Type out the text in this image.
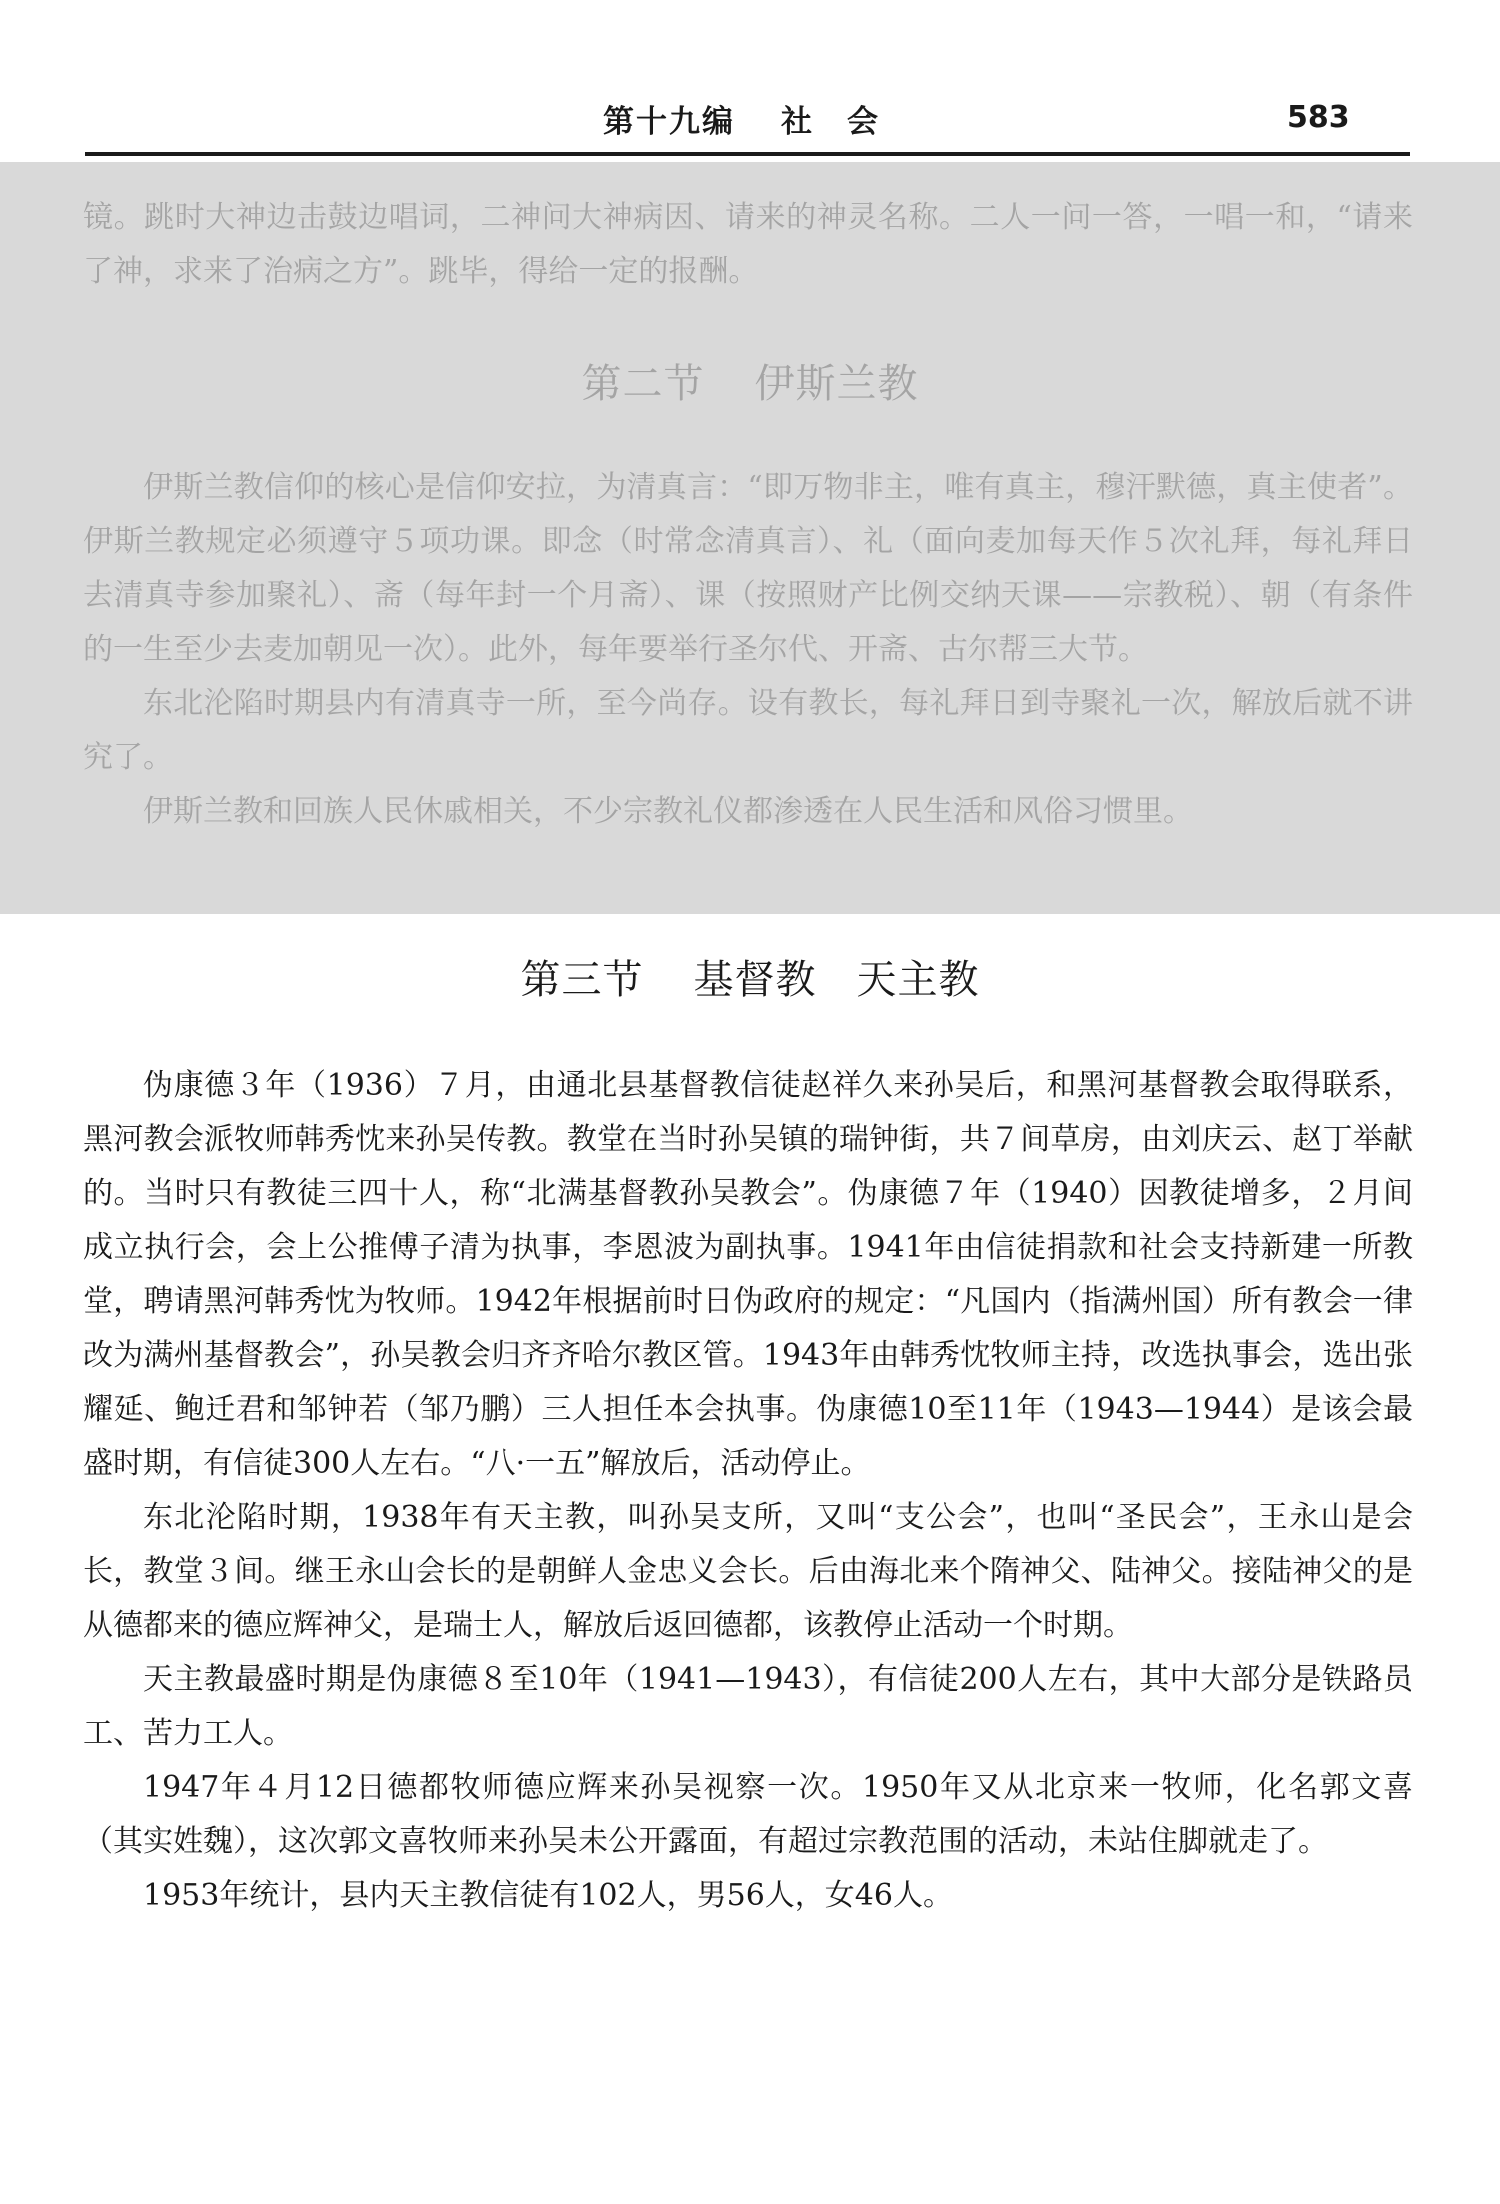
第十九编 社　会	583

镜。跳时大神边击鼓边唱词，二神问大神病因、请来的神灵名称。二人一问一答，一唱一和，“请来了神，求来了治病之方”。跳毕，得给一定的报酬。

第二节 伊斯兰教

伊斯兰教信仰的核心是信仰安拉，为清真言：“即万物非主，唯有真主，穆汗默德，真主使者”。伊斯兰教规定必须遵守５项功课。即念（时常念清真言）、礼（面向麦加每天作５次礼拜，每礼拜日去清真寺参加聚礼）、斋（每年封一个月斋）、课（按照财产比例交纳天课——宗教税）、朝（有条件的一生至少去麦加朝见一次）。此外，每年要举行圣尔代、开斋、古尔帮三大节。

东北沦陷时期县内有清真寺一所，至今尚存。设有教长，每礼拜日到寺聚礼一次，解放后就不讲究了。

伊斯兰教和回族人民休戚相关，不少宗教礼仪都渗透在人民生活和风俗习惯里。

第三节 基督教 天主教

伪康德３年（1936）７月，由通北县基督教信徒赵祥久来孙吴后，和黑河基督教会取得联系，黑河教会派牧师韩秀忱来孙吴传教。教堂在当时孙吴镇的瑞钟街，共７间草房，由刘庆云、赵丁举献的。当时只有教徒三四十人，称“北满基督教孙吴教会”。伪康德７年（1940）因教徒增多，２月间成立执行会，会上公推傅子清为执事，李恩波为副执事。1941年由信徒捐款和社会支持新建一所教堂，聘请黑河韩秀忱为牧师。1942年根据前时日伪政府的规定：“凡国内（指满州国）所有教会一律改为满州基督教会”，孙吴教会归齐齐哈尔教区管。1943年由韩秀忱牧师主持，改选执事会，选出张耀延、鲍迁君和邹钟若（邹乃鹏）三人担任本会执事。伪康德10至11年（1943—1944）是该会最盛时期，有信徒300人左右。“八·一五”解放后，活动停止。

东北沦陷时期，1938年有天主教，叫孙吴支所，又叫“支公会”，也叫“圣民会”，王永山是会长，教堂３间。继王永山会长的是朝鲜人金忠义会长。后由海北来个隋神父、陆神父。接陆神父的是从德都来的德应辉神父，是瑞士人，解放后返回德都，该教停止活动一个时期。

天主教最盛时期是伪康德８至10年（1941—1943），有信徒200人左右，其中大部分是铁路员工、苦力工人。

1947年４月12日德都牧师德应辉来孙吴视察一次。1950年又从北京来一牧师，化名郭文喜（其实姓魏），这次郭文喜牧师来孙吴未公开露面，有超过宗教范围的活动，未站住脚就走了。

1953年统计，县内天主教信徒有102人，男56人，女46人。
